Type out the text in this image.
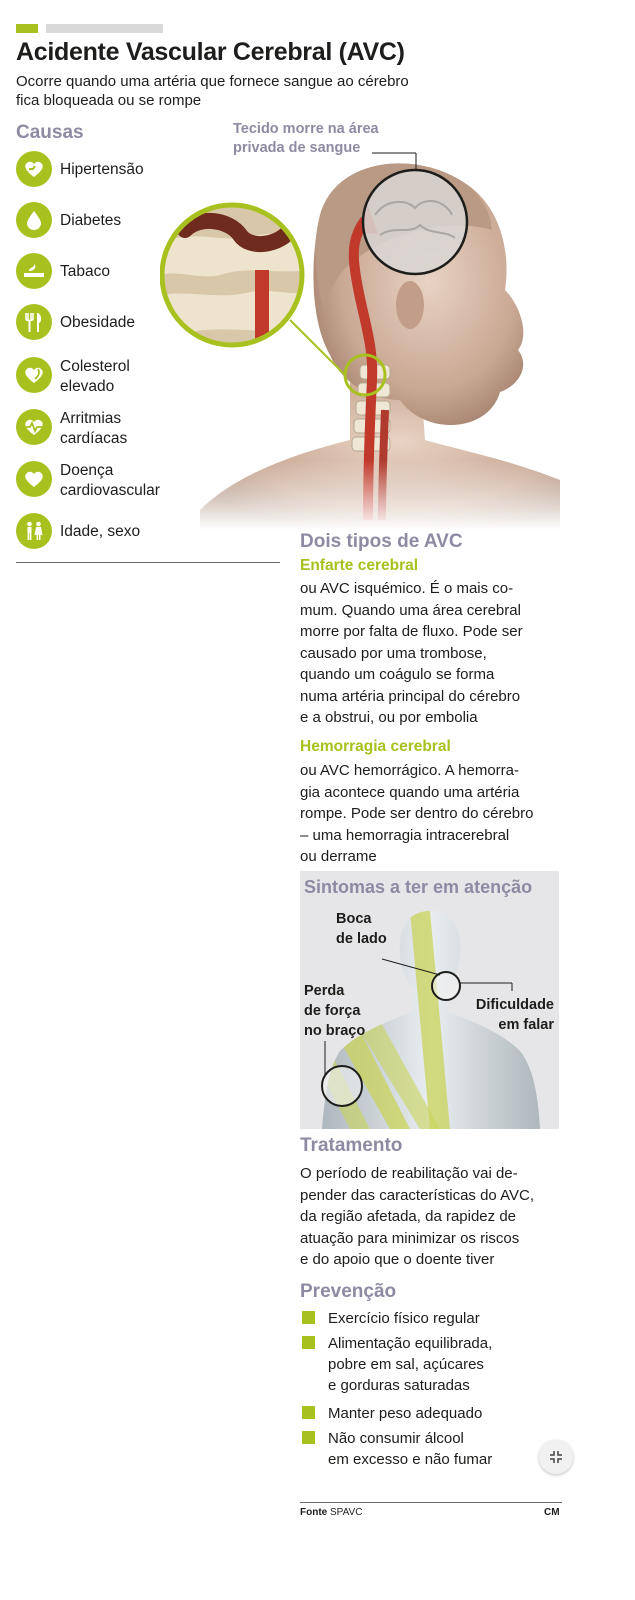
Acidente Vascular Cerebral (AVC)
Ocorre quando uma artéria que fornece sangue ao cérebro
fica bloqueada ou se rompe
Causas
Hipertensão
Diabetes
Tabaco
Obesidade
Colesterol
elevado
Arritmias
cardíacas
Doença
cardiovascular
Idade, sexo
Tecido morre na área
privada de sangue
Dois tipos de AVC
Enfarte cerebral
ou AVC isquémico. É o mais co-
mum. Quando uma área cerebral
morre por falta de fluxo. Pode ser
causado por uma trombose,
quando um coágulo se forma
numa artéria principal do cérebro
e a obstrui, ou por embolia
Hemorragia cerebral
ou AVC hemorrágico. A hemorra-
gia acontece quando uma artéria
rompe. Pode ser dentro do cérebro
– uma hemorragia intracerebral
ou derrame
Sintomas a ter em atenção
Boca
de lado
Perda
de força
no braço
Dificuldade
em falar
Tratamento
O período de reabilitação vai de-
pender das características do AVC,
da região afetada, da rapidez de
atuação para minimizar os riscos
e do apoio que o doente tiver
Prevenção
Exercício físico regular
Alimentação equilibrada,
pobre em sal, açúcares
e gorduras saturadas
Manter peso adequado
Não consumir álcool
em excesso e não fumar
Fonte SPAVC	CM
